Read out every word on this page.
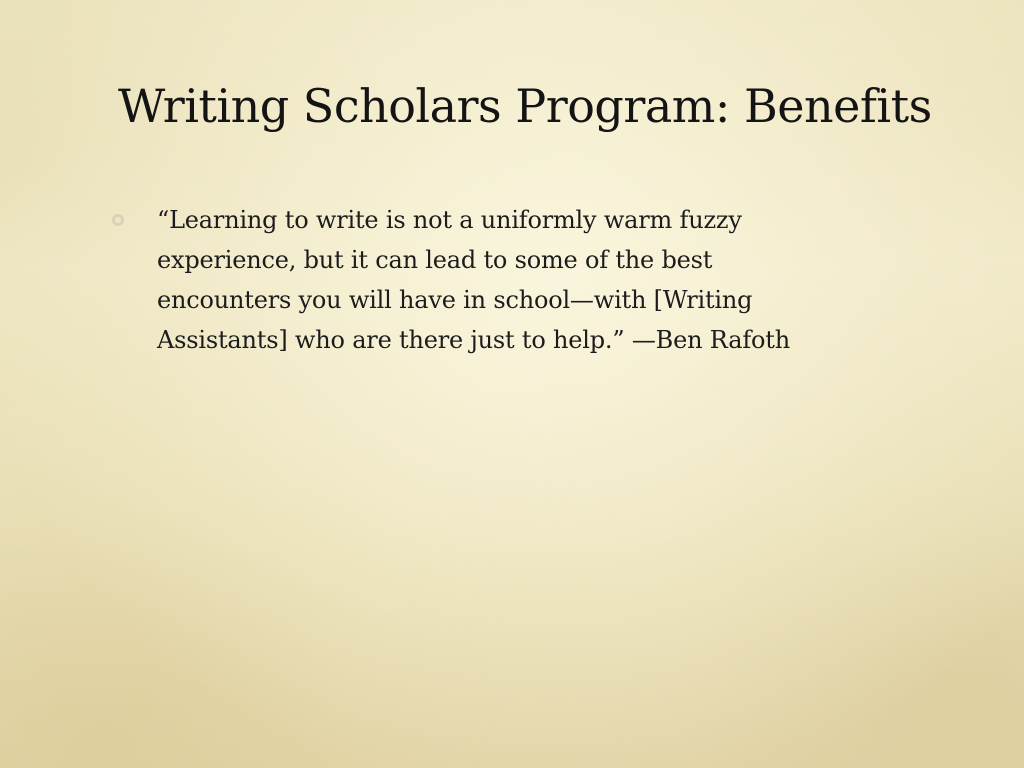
Writing Scholars Program: Benefits

“Learning to write is not a uniformly warm fuzzy
experience, but it can lead to some of the best
encounters you will have in school—with [Writing
Assistants] who are there just to help.” —Ben Rafoth
